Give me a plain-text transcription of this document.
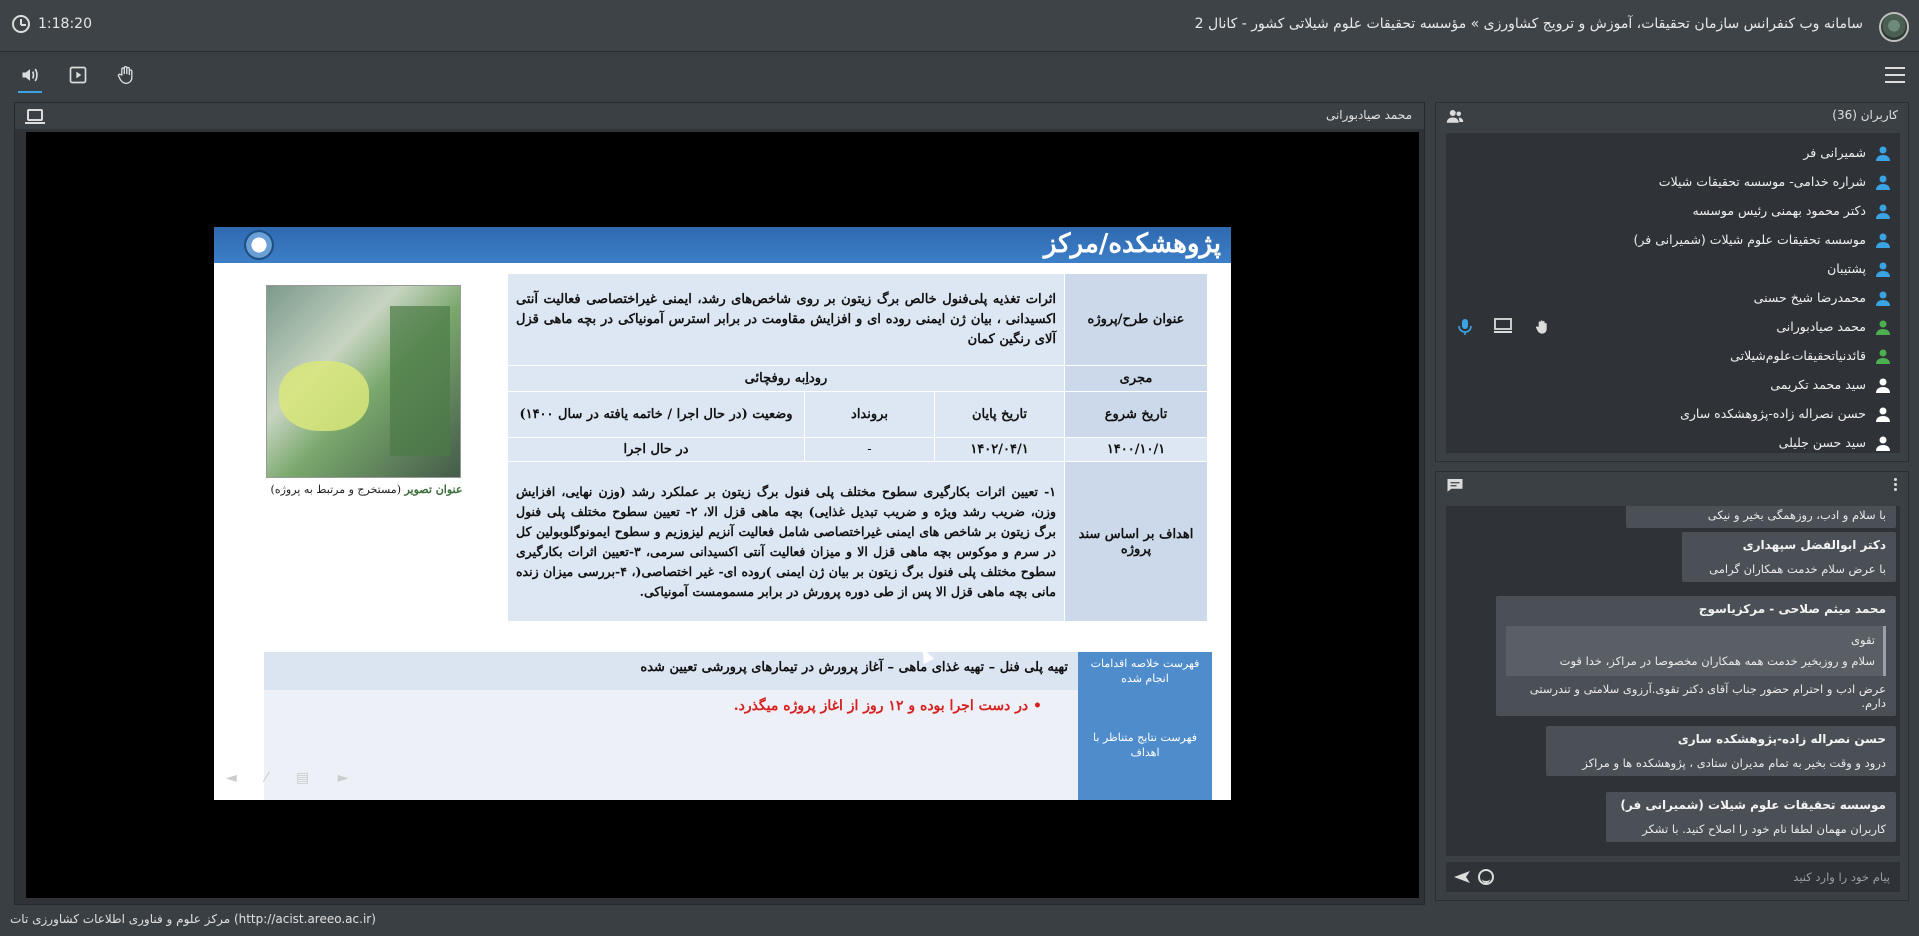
سامانه وب کنفرانس سازمان تحقیقات، آموزش و ترویج کشاورزی » مؤسسه تحقیقات علوم شیلاتی کشور - کانال 2
1:18:20
محمد صیادبورانی
پژوهشکده/مرکز
عنوان تصویر (مستخرج و مرتبط به پروژه)
عنوان طرح/پروژه	اثرات تغذیه پلی‌فنول خالص برگ زیتون بر روی شاخص‌های رشد، ایمنی غیراختصاصی فعالیت آنتی اکسیدانی ، بیان ژن ایمنی روده ای و افزایش مقاومت در برابر استرس آمونیاکی در بچه ماهی قزل آلای رنگین کمان		
مجری	روداِبه روفچائی		
تاریخ شروع	تاریخ پایان	برونداد	وضعیت (در حال اجرا / خاتمه یافته در سال ۱۴۰۰)
۱۴۰۰/۱۰/۱	۱۴۰۲/۰۴/۱	-	در حال اجرا
اهداف بر اساس سند پروژه	۱- تعیین اثرات بکارگیری سطوح مختلف پلی فنول برگ زیتون بر عملکرد رشد (وزن نهایی، افزایش وزن، ضریب رشد ویژه و ضریب تبدیل غذایی) بچه ماهی قزل الا، ۲- تعیین سطوح مختلف پلی فنول برگ زیتون بر شاخص های ایمنی غیراختصاصی شامل فعالیت آنزیم لیزوزیم و سطوح ایمونوگلوبولین کل در سرم و موکوس بچه ماهی قزل الا و میزان فعالیت آنتی اکسیدانی سرمی، ۳-تعیین اثرات بکارگیری سطوح مختلف پلی فنول برگ زیتون بر بیان ژن ایمنی )روده ای- غیر اختصاصی(، ۴-بررسی میزان زنده مانی بچه ماهی قزل الا پس از طی دوره پرورش در برابر مسمومست آمونیاکی.		
فهرست خلاصه اقدامات انجام شده
تهیه پلی فنل – تهیه غذای ماهی – آغاز پرورش در تیمارهای پرورشی تعیین شده
فهرست نتایج متناظر با اهداف
• در دست اجرا بوده و ۱۲ روز از اغاز پروژه میگذرد.
◄ ⁄ ▤ ►
مرکز علوم و فناوری اطلاعات کشاورزی تات (http://acist.areeo.ac.ir)
کاربران (36)
شمیرانی فر
شراره خدامی- موسسه تحقیقات شیلات
دکتر محمود بهمنی رئیس موسسه
موسسه تحقیقات علوم شیلات (شمیرانی فر)
پشتیبان
محمدرضا شیخ حسنی
محمد صیادبورانی
قائدنیاتحقیقات‌علوم‌شیلاتی
سید محمد تکریمی
حسن نصراله زاده-پژوهشکده ساری
سید حسن جلیلی
با سلام و ادب، روزهمگی بخیر و نیکی
دکتر ابوالفضل سپهداری
با عرض سلام خدمت همکاران گرامی
محمد میثم صلاحی - مرکزیاسوج
تقوی
سلام و روزبخیر خدمت همه همکاران مخصوصا در مراکز، خدا قوت
عرض ادب و احترام حضور جناب آقای دکتر تقوی.آرزوی سلامتی و تندرستی دارم.
حسن نصراله زاده-پژوهشکده ساری
درود و وقت بخیر به تمام مدیران ستادی ، پژوهشکده ها و مراکز
موسسه تحقیقات علوم شیلات (شمیرانی فر)
کاربران مهمان لطفا نام خود را اصلاح کنید. با تشکر
پیام خود را وارد کنید
